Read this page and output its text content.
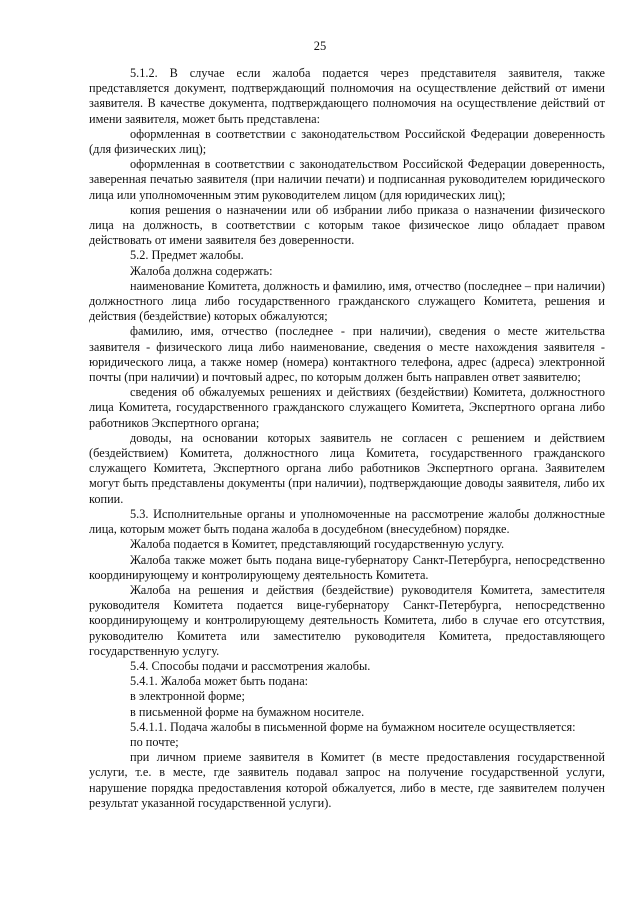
25

5.1.2. В случае если жалоба подается через представителя заявителя, также представляется документ, подтверждающий полномочия на осуществление действий от имени заявителя. В качестве документа, подтверждающего полномочия на осуществление действий от имени заявителя, может быть представлена:

оформленная в соответствии с законодательством Российской Федерации доверенность (для физических лиц);

оформленная в соответствии с законодательством Российской Федерации доверенность, заверенная печатью заявителя (при наличии печати) и подписанная руководителем юридического лица или уполномоченным этим руководителем лицом (для юридических лиц);

копия решения о назначении или об избрании либо приказа о назначении физического лица на должность, в соответствии с которым такое физическое лицо обладает правом действовать от имени заявителя без доверенности.

5.2. Предмет жалобы.

Жалоба должна содержать:

наименование Комитета, должность и фамилию, имя, отчество (последнее – при наличии) должностного лица либо государственного гражданского служащего Комитета, решения и действия (бездействие) которых обжалуются;

фамилию, имя, отчество (последнее - при наличии), сведения о месте жительства заявителя - физического лица либо наименование, сведения о месте нахождения заявителя - юридического лица, а также номер (номера) контактного телефона, адрес (адреса) электронной почты (при наличии) и почтовый адрес, по которым должен быть направлен ответ заявителю;

сведения об обжалуемых решениях и действиях (бездействии) Комитета, должностного лица Комитета, государственного гражданского служащего Комитета, Экспертного органа либо работников Экспертного органа;

доводы, на основании которых заявитель не согласен с решением и действием (бездействием) Комитета, должностного лица Комитета, государственного гражданского служащего Комитета, Экспертного органа либо работников Экспертного органа. Заявителем могут быть представлены документы (при наличии), подтверждающие доводы заявителя, либо их копии.

5.3. Исполнительные органы и уполномоченные на рассмотрение жалобы должностные лица, которым может быть подана жалоба в досудебном (внесудебном) порядке.

Жалоба подается в Комитет, представляющий государственную услугу.

Жалоба также может быть подана вице-губернатору Санкт-Петербурга, непосредственно координирующему и контролирующему деятельность Комитета.

Жалоба на решения и действия (бездействие) руководителя Комитета, заместителя руководителя Комитета подается вице-губернатору Санкт-Петербурга, непосредственно координирующему и контролирующему деятельность Комитета, либо в случае его отсутствия, руководителю Комитета или заместителю руководителя Комитета, предоставляющего государственную услугу.

5.4. Способы подачи и рассмотрения жалобы.

5.4.1. Жалоба может быть подана:

в электронной форме;

в письменной форме на бумажном носителе.

5.4.1.1. Подача жалобы в письменной форме на бумажном носителе осуществляется:

по почте;

при личном приеме заявителя в Комитет (в месте предоставления государственной услуги, т.е. в месте, где заявитель подавал запрос на получение государственной услуги, нарушение порядка предоставления которой обжалуется, либо в месте, где заявителем получен результат указанной государственной услуги).
